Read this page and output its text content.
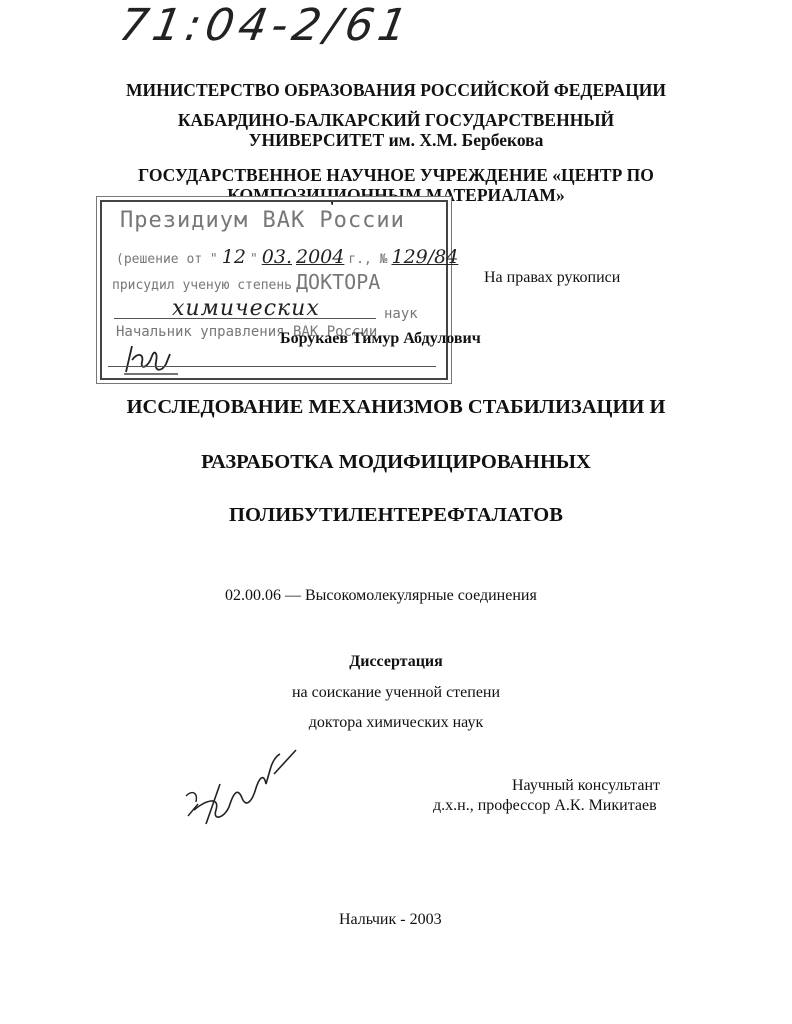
71:04-2/61
МИНИСТЕРСТВО ОБРАЗОВАНИЯ РОССИЙСКОЙ ФЕДЕРАЦИИ
КАБАРДИНО-БАЛКАРСКИЙ ГОСУДАРСТВЕННЫЙ
УНИВЕРСИТЕТ им. Х.М. Бербекова
ГОСУДАРСТВЕННОЕ НАУЧНОЕ УЧРЕЖДЕНИЕ «ЦЕНТР ПО
КОМПОЗИЦИОННЫМ МАТЕРИАЛАМ»
Президиум ВАК России
(решение от " 12 " 03. 2004 г., № 129/84
присудил ученую степень ДОКТОРА
химических	наук
Начальник управления ВАК России
На правах рукописи
Борукаев Тимур Абдулович
ИССЛЕДОВАНИЕ МЕХАНИЗМОВ СТАБИЛИЗАЦИИ И
РАЗРАБОТКА МОДИФИЦИРОВАННЫХ
ПОЛИБУТИЛЕНТЕРЕФТАЛАТОВ
02.00.06 — Высокомолекулярные соединения
Диссертация
на соискание ученной степени
доктора химических наук
Научный консультант
д.х.н., профессор А.К. Микитаев
Нальчик - 2003
